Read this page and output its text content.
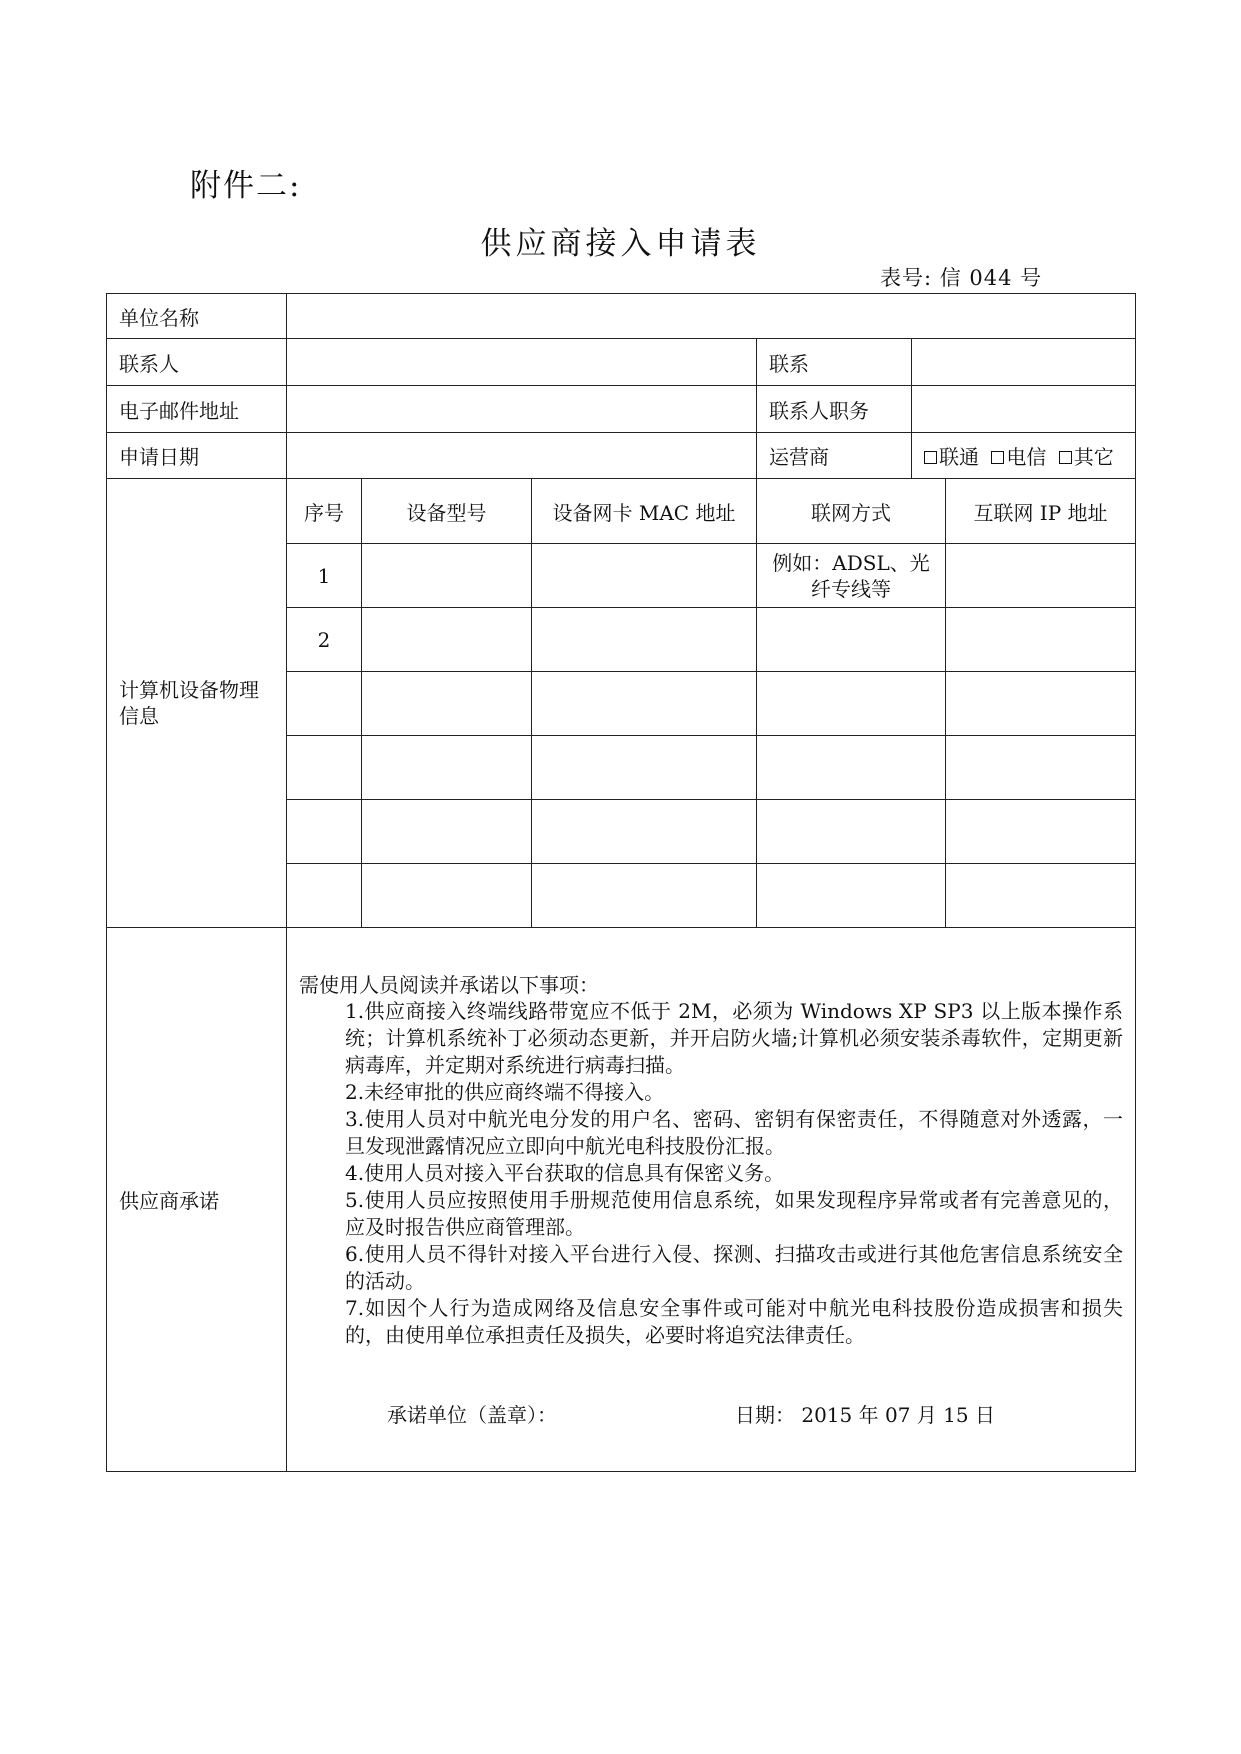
附件二:
供应商接入申请表
表号: 信 044 号
单位名称	
联系人			联系	

电子邮件地址			联系人职务	

申请日期			运营商	联通 电信 其它

计算机设备物理信息	序号	设备型号	设备网卡 MAC 地址	联网方式	互联网 IP 地址
1			例如：ADSL、光纤专线等	
2				

供应商承诺	
需使用人员阅读并承诺以下事项：
1.供应商接入终端线路带宽应不低于 2M，必须为 Windows XP SP3 以上版本操作系统；计算机系统补丁必须动态更新，并开启防火墙;计算机必须安装杀毒软件，定期更新病毒库，并定期对系统进行病毒扫描。
2.未经审批的供应商终端不得接入。
3.使用人员对中航光电分发的用户名、密码、密钥有保密责任，不得随意对外透露，一旦发现泄露情况应立即向中航光电科技股份汇报。
4.使用人员对接入平台获取的信息具有保密义务。
5.使用人员应按照使用手册规范使用信息系统，如果发现程序异常或者有完善意见的，应及时报告供应商管理部。
6.使用人员不得针对接入平台进行入侵、探测、扫描攻击或进行其他危害信息系统安全的活动。
7.如因个人行为造成网络及信息安全事件或可能对中航光电科技股份造成损害和损失的，由使用单位承担责任及损失，必要时将追究法律责任。
承诺单位（盖章）：	日期： 2015 年 07 月 15 日
